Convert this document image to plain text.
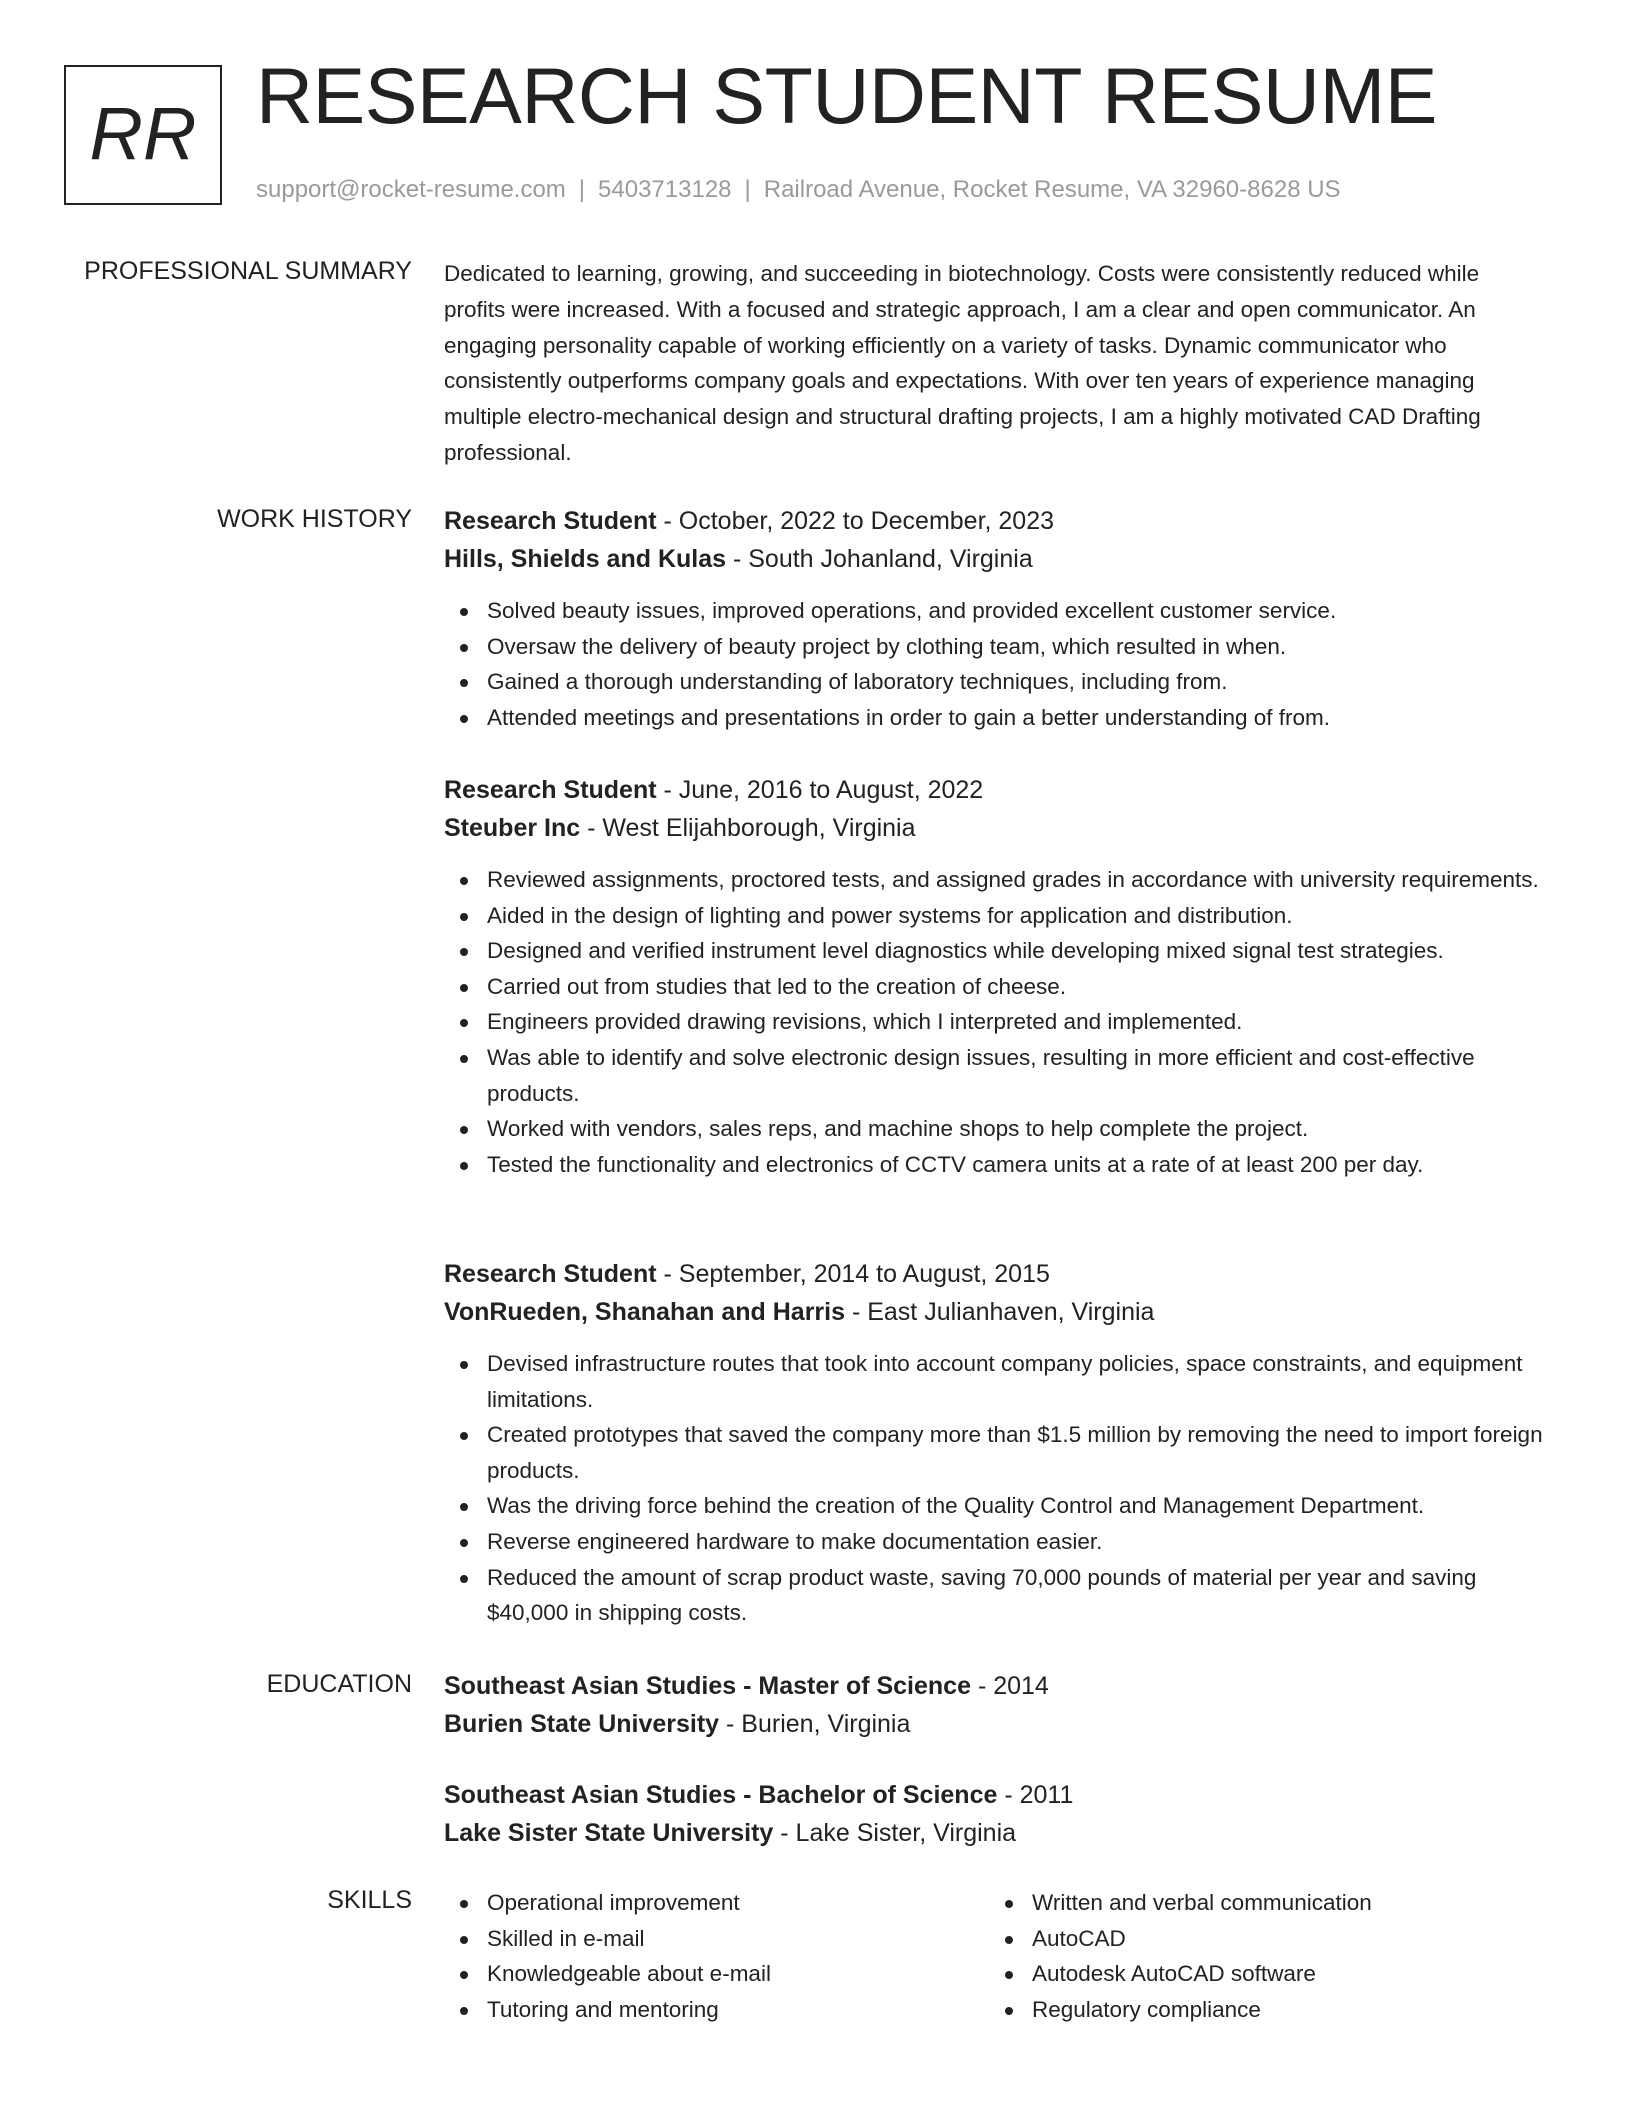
RR RESEARCH STUDENT RESUME
support@rocket-resume.com | 5403713128 | Railroad Avenue, Rocket Resume, VA 32960-8628 US
PROFESSIONAL SUMMARY Dedicated to learning, growing, and succeeding in biotechnology. Costs were consistently reduced while profits were increased. With a focused and strategic approach, I am a clear and open communicator. An engaging personality capable of working efficiently on a variety of tasks. Dynamic communicator who consistently outperforms company goals and expectations. With over ten years of experience managing multiple electro-mechanical design and structural drafting projects, I am a highly motivated CAD Drafting professional.
WORK HISTORY Research Student - October, 2022 to December, 2023
Hills, Shields and Kulas - South Johanland, Virginia
Solved beauty issues, improved operations, and provided excellent customer service.
Oversaw the delivery of beauty project by clothing team, which resulted in when.
Gained a thorough understanding of laboratory techniques, including from.
Attended meetings and presentations in order to gain a better understanding of from.
Research Student - June, 2016 to August, 2022
Steuber Inc - West Elijahborough, Virginia
Reviewed assignments, proctored tests, and assigned grades in accordance with university requirements.
Aided in the design of lighting and power systems for application and distribution.
Designed and verified instrument level diagnostics while developing mixed signal test strategies.
Carried out from studies that led to the creation of cheese.
Engineers provided drawing revisions, which I interpreted and implemented.
Was able to identify and solve electronic design issues, resulting in more efficient and cost-effective products.
Worked with vendors, sales reps, and machine shops to help complete the project.
Tested the functionality and electronics of CCTV camera units at a rate of at least 200 per day.
Research Student - September, 2014 to August, 2015
VonRueden, Shanahan and Harris - East Julianhaven, Virginia
Devised infrastructure routes that took into account company policies, space constraints, and equipment limitations.
Created prototypes that saved the company more than $1.5 million by removing the need to import foreign products.
Was the driving force behind the creation of the Quality Control and Management Department.
Reverse engineered hardware to make documentation easier.
Reduced the amount of scrap product waste, saving 70,000 pounds of material per year and saving $40,000 in shipping costs.
EDUCATION Southeast Asian Studies - Master of Science - 2014
Burien State University - Burien, Virginia
Southeast Asian Studies - Bachelor of Science - 2011
Lake Sister State University - Lake Sister, Virginia
SKILLS	Operational improvement
Skilled in e-mail
Knowledgeable about e-mail
Tutoring and mentoring
Written and verbal communication
AutoCAD
Autodesk AutoCAD software
Regulatory compliance
